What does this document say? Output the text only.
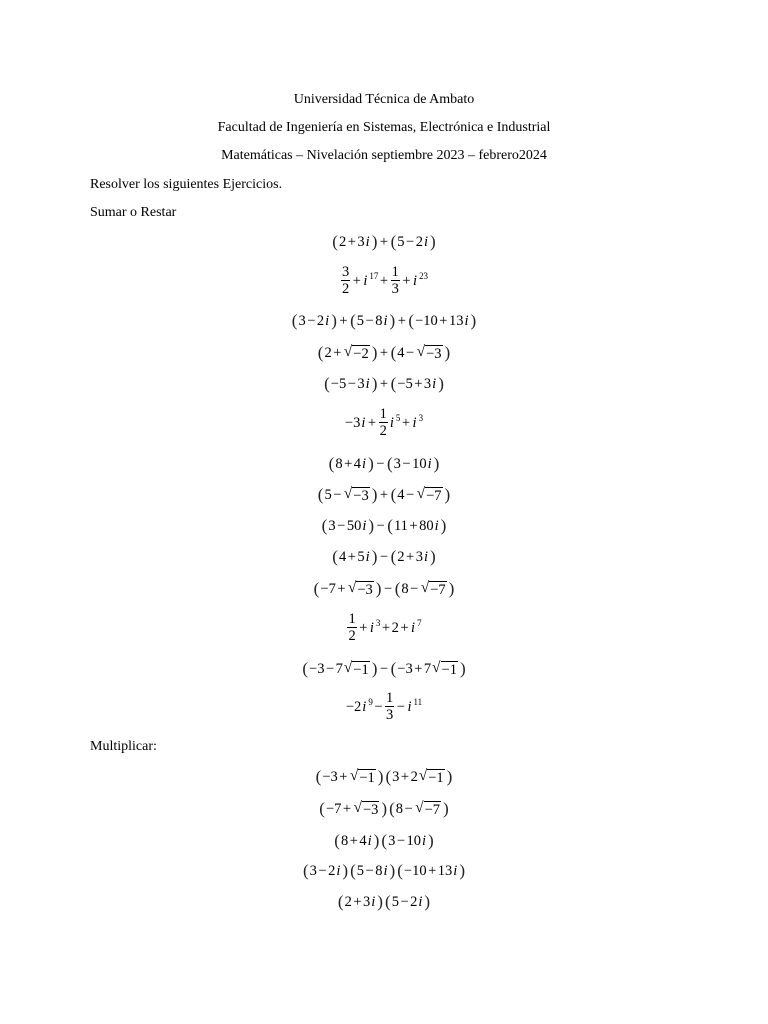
Universidad Técnica de Ambato
Facultad de Ingeniería en Sistemas, Electrónica e Industrial
Matemáticas – Nivelación septiembre 2023 – febrero2024
Resolver los siguientes Ejercicios.
Sumar o Restar
( 2 + 3 i ) + ( 5 − 2 i )
$\frac{3}{2} + i$ $17 + \frac{1}{3} + i$ 23
( 3 − 2 i ) + ( 5 − 8 i ) + ( − 10 + 13 i )
( 2 + √ −2 ) + ( 4 − √ −3 )
( − 5 − 3 i ) + ( − 5 + 3 i )
− 3 $i + \frac{1}{2}$ i 5 + i 3
( 8 + 4 i ) − ( 3 − 10 i )
( 5 − √ −3 ) + ( 4 − √ −7 )
( 3 − 50 i ) − ( 11 + 80 i )
( 4 + 5 i ) − ( 2 + 3 i )
( − 7 + √ −3 ) − ( 8 − √ −7 )
$\frac{1}{2} + i$ 3 + 2 + i 7
( − 3 − 7 √ −1 ) − ( − 3 + 7 √ −1 )
− 2 i $9 - \frac{1}{3} - i$ 11
Multiplicar:
( − 3 + √ −1 ) ( 3 + 2 √ −1 )
( − 7 + √ −3 ) ( 8 − √ −7 )
( 8 + 4 i ) ( 3 − 10 i )
( 3 − 2 i ) ( 5 − 8 i ) ( − 10 + 13 i )
( 2 + 3 i ) ( 5 − 2 i )
